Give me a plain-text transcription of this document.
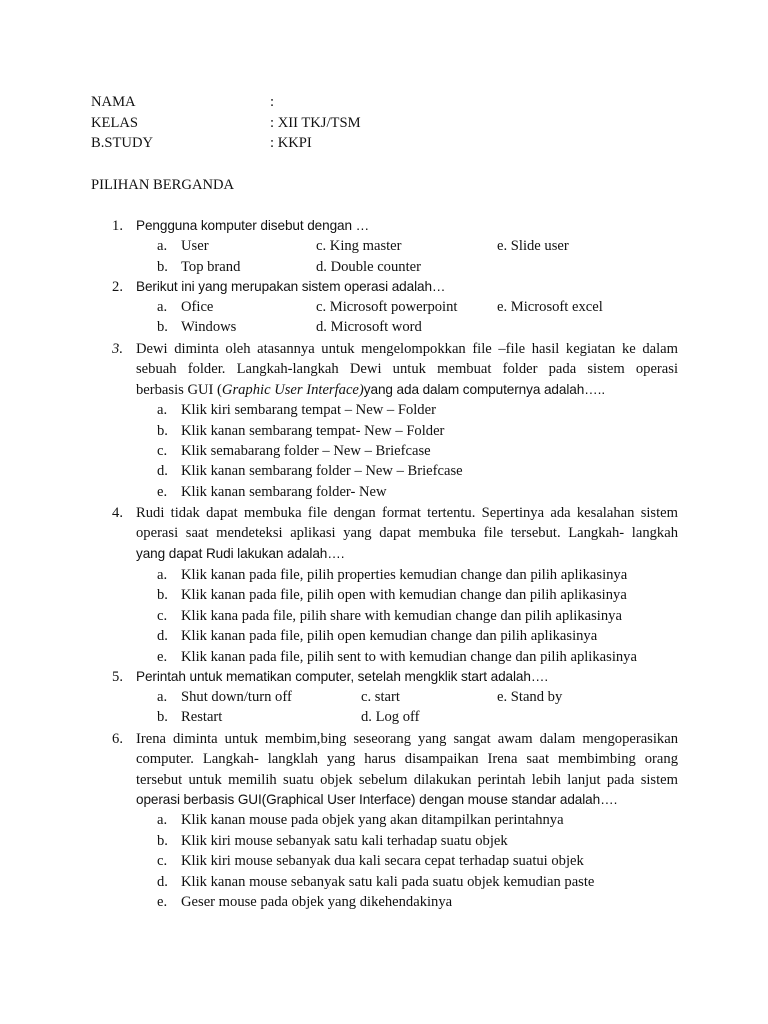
NAMA	:
KELAS	: XII TKJ/TSM
B.STUDY	: KKPI
PILIHAN BERGANDA
1. Pengguna komputer disebut dengan …
a. User	c. King master	e. Slide user
b. Top brand	d. Double counter
2. Berikut ini yang merupakan sistem operasi adalah…
a. Ofice	c. Microsoft powerpoint	e. Microsoft excel
b. Windows	d. Microsoft word
3. Dewi diminta oleh atasannya untuk mengelompokkan file –file hasil kegiatan ke dalam
sebuah folder. Langkah-langkah Dewi untuk membuat folder pada sistem operasi
berbasis GUI (Graphic User Interface)yang ada dalam computernya adalah…..
a. Klik kiri sembarang tempat – New – Folder
b. Klik kanan sembarang tempat- New – Folder
c. Klik semabarang folder – New – Briefcase
d. Klik kanan sembarang folder – New – Briefcase
e. Klik kanan sembarang folder- New
4. Rudi tidak dapat membuka file dengan format tertentu. Sepertinya ada kesalahan sistem
operasi saat mendeteksi aplikasi yang dapat membuka file tersebut. Langkah- langkah
yang dapat Rudi lakukan adalah….
a. Klik kanan pada file, pilih properties kemudian change dan pilih aplikasinya
b. Klik kanan pada file, pilih open with kemudian change dan pilih aplikasinya
c. Klik kana pada file, pilih share with kemudian change dan pilih aplikasinya
d. Klik kanan pada file, pilih open kemudian change dan pilih aplikasinya
e. Klik kanan pada file, pilih sent to with kemudian change dan pilih aplikasinya
5. Perintah untuk mematikan computer, setelah mengklik start adalah….
a. Shut down/turn off	c. start	e. Stand by
b. Restart	d. Log off
6. Irena diminta untuk membim,bing seseorang yang sangat awam dalam mengoperasikan
computer. Langkah- langklah yang harus disampaikan Irena saat membimbing orang
tersebut untuk memilih suatu objek sebelum dilakukan perintah lebih lanjut pada sistem
operasi berbasis GUI(Graphical User Interface) dengan mouse standar adalah….
a. Klik kanan mouse pada objek yang akan ditampilkan perintahnya
b. Klik kiri mouse sebanyak satu kali terhadap suatu objek
c. Klik kiri mouse sebanyak dua kali secara cepat terhadap suatui objek
d. Klik kanan mouse sebanyak satu kali pada suatu objek kemudian paste
e. Geser mouse pada objek yang dikehendakinya
